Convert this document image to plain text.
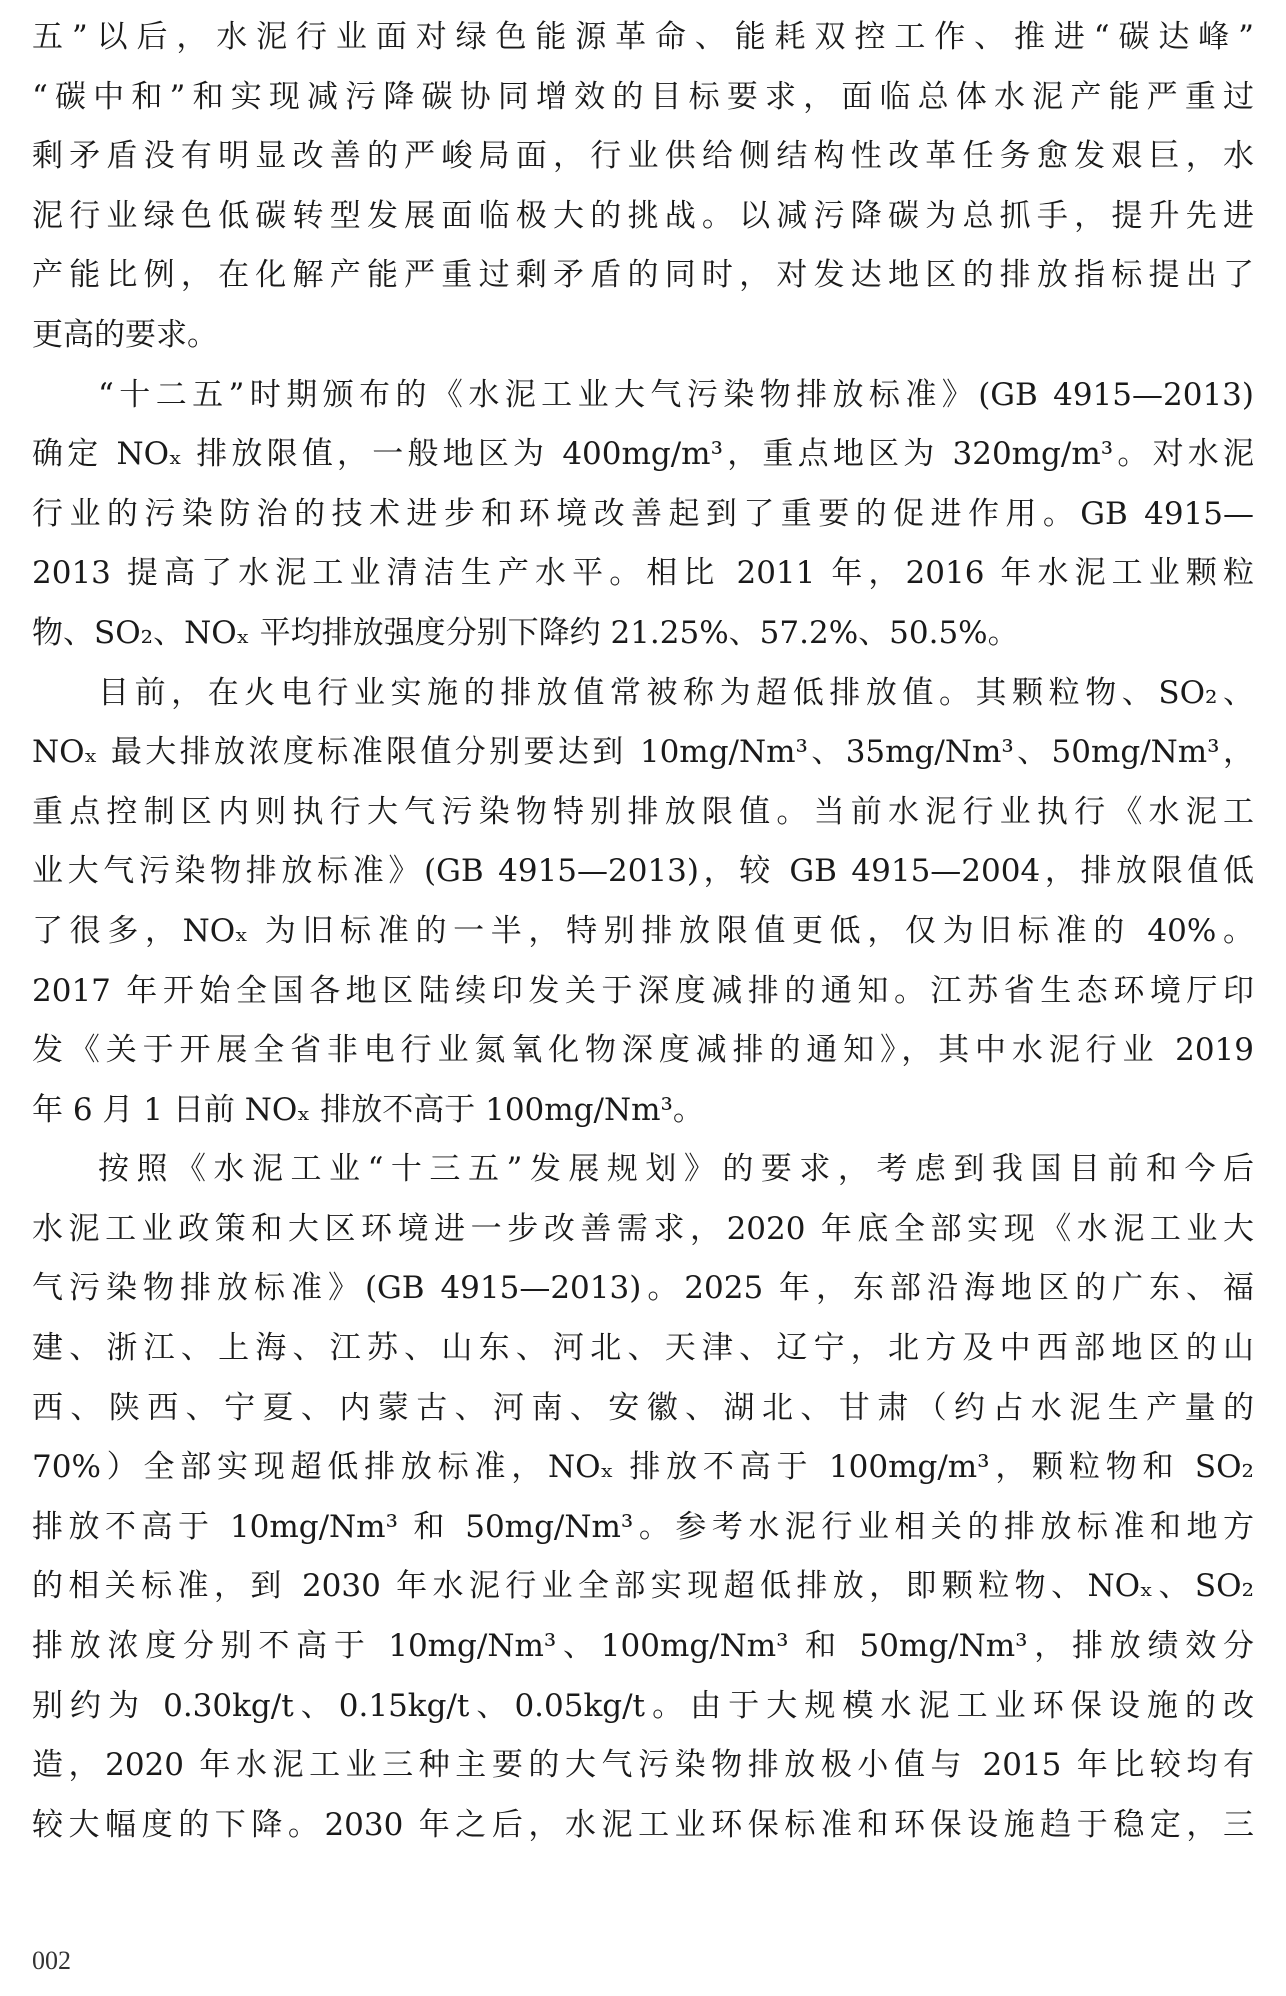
五”以后，水泥行业面对绿色能源革命、能耗双控工作、推进“碳达峰”
“碳中和”和实现减污降碳协同增效的目标要求，面临总体水泥产能严重过
剩矛盾没有明显改善的严峻局面，行业供给侧结构性改革任务愈发艰巨，水
泥行业绿色低碳转型发展面临极大的挑战。以减污降碳为总抓手，提升先进
产能比例，在化解产能严重过剩矛盾的同时，对发达地区的排放指标提出了
更高的要求。
“十二五”时期颁布的《水泥工业大气污染物排放标准》(GB 4915—2013)
确定 NOₓ 排放限值，一般地区为 400mg/m³，重点地区为 320mg/m³。对水泥
行业的污染防治的技术进步和环境改善起到了重要的促进作用。GB 4915—
2013 提高了水泥工业清洁生产水平。相比 2011 年，2016 年水泥工业颗粒
物、SO₂、NOₓ 平均排放强度分别下降约 21.25%、57.2%、50.5%。
目前，在火电行业实施的排放值常被称为超低排放值。其颗粒物、SO₂、
NOₓ 最大排放浓度标准限值分别要达到 10mg/Nm³、35mg/Nm³、50mg/Nm³，
重点控制区内则执行大气污染物特别排放限值。当前水泥行业执行《水泥工
业大气污染物排放标准》(GB 4915—2013)，较 GB 4915—2004，排放限值低
了很多，NOₓ 为旧标准的一半，特别排放限值更低，仅为旧标准的 40%。
2017 年开始全国各地区陆续印发关于深度减排的通知。江苏省生态环境厅印
发《关于开展全省非电行业氮氧化物深度减排的通知》，其中水泥行业 2019
年 6 月 1 日前 NOₓ 排放不高于 100mg/Nm³。
按照《水泥工业“十三五”发展规划》的要求，考虑到我国目前和今后
水泥工业政策和大区环境进一步改善需求，2020 年底全部实现《水泥工业大
气污染物排放标准》(GB 4915—2013)。2025 年，东部沿海地区的广东、福
建、浙江、上海、江苏、山东、河北、天津、辽宁，北方及中西部地区的山
西、陕西、宁夏、内蒙古、河南、安徽、湖北、甘肃（约占水泥生产量的
70%）全部实现超低排放标准，NOₓ 排放不高于 100mg/m³，颗粒物和 SO₂
排放不高于 10mg/Nm³ 和 50mg/Nm³。参考水泥行业相关的排放标准和地方
的相关标准，到 2030 年水泥行业全部实现超低排放，即颗粒物、NOₓ、SO₂
排放浓度分别不高于 10mg/Nm³、100mg/Nm³ 和 50mg/Nm³，排放绩效分
别约为 0.30kg/t、0.15kg/t、0.05kg/t。由于大规模水泥工业环保设施的改
造，2020 年水泥工业三种主要的大气污染物排放极小值与 2015 年比较均有
较大幅度的下降。2030 年之后，水泥工业环保标准和环保设施趋于稳定，三
002
